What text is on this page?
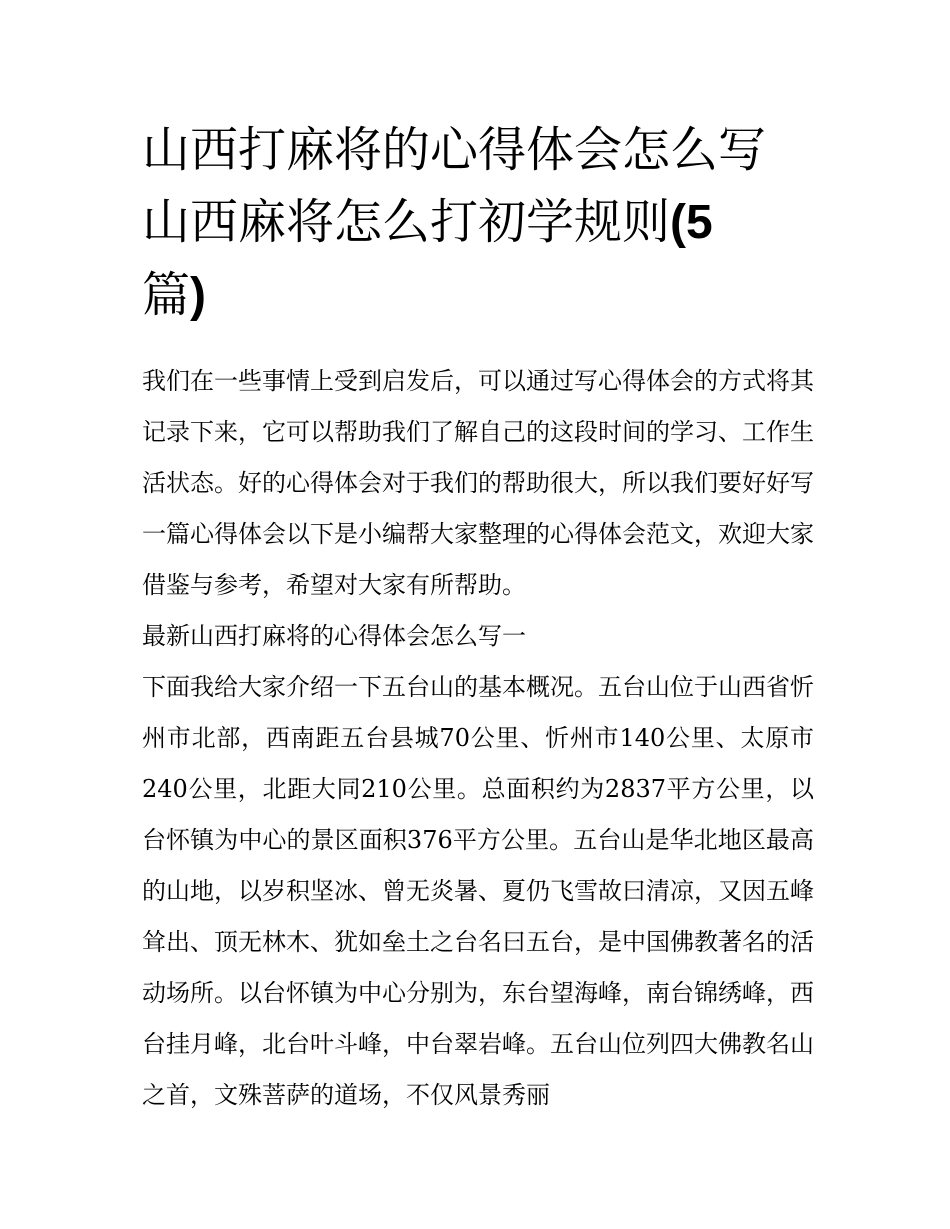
山西打麻将的心得体会怎么写
山西麻将怎么打初学规则(5
篇)

我们在一些事情上受到启发后，可以通过写心得体会的方式将其记录下来，它可以帮助我们了解自己的这段时间的学习、工作生活状态。好的心得体会对于我们的帮助很大，所以我们要好好写一篇心得体会以下是小编帮大家整理的心得体会范文，欢迎大家借鉴与参考，希望对大家有所帮助。

最新山西打麻将的心得体会怎么写一

下面我给大家介绍一下五台山的基本概况。五台山位于山西省忻州市北部，西南距五台县城70公里、忻州市140公里、太原市240公里，北距大同210公里。总面积约为2837平方公里，以台怀镇为中心的景区面积376平方公里。五台山是华北地区最高的山地，以岁积坚冰、曾无炎暑、夏仍飞雪故曰清凉，又因五峰耸出、顶无林木、犹如垒土之台名曰五台，是中国佛教著名的活动场所。以台怀镇为中心分别为，东台望海峰，南台锦绣峰，西台挂月峰，北台叶斗峰，中台翠岩峰。五台山位列四大佛教名山之首，文殊菩萨的道场，不仅风景秀丽
